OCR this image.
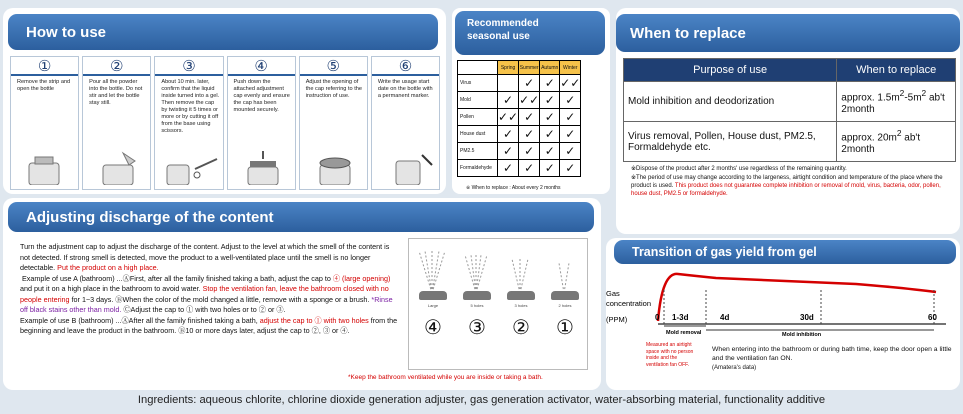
How to use
①
Remove the strip and open the bottle
②
Pour all the powder into the bottle. Do not stir and let the bottle stay still.
③
About 10 min. later, confirm that the liquid inside turned into a gel. Then remove the cap by twisting it 5 times or more or by cutting it off from the base using scissors.
④
Push down the attached adjustment cap evenly and ensure the cap has been mounted securely.
⑤
Adjust the opening of the cap referring to the instruction of use.
⑥
Write the usage start date on the bottle with a permanent marker.
Recommended
seasonal use
	Spring	Summer	Autumn	Winter
Virus		✓	✓	✓✓
Mold	✓	✓✓	✓	✓
Pollen	✓✓	✓	✓	✓
House dust	✓	✓	✓	✓
PM2.5	✓	✓	✓	✓
Formaldehyde	✓	✓	✓	✓
※ When to replace : About every 2 months
When to replace
Purpose of use	When to replace
Mold inhibition and deodorization	approx. $1.5m^2-5m^2$ ab't 2month
Virus removal, Pollen, House dust, PM2.5, Formaldehyde etc.	approx. $20m^2$ ab't 2month
※Dispose of the product after 2 months' use regardless of the remaining quantity.
※The period of use may change according to the largeness, airtight condition and temperature of the place where the product is used. This product does not guarantee complete inhibition or removal of mold, virus, bacteria, odor, pollen, house dust, PM2.5 or formaldehyde.
Adjusting discharge of the content
Turn the adjustment cap to adjust the discharge of the content. Adjust to the level at which the smell of the content is not detected. If strong smell is detected, move the product to a well-ventilated place until the smell is no longer detectable. Put the product on a high place.
Example of use A (bathroom) ...ⒶFirst, after all the family finished taking a bath, adjust the cap to ④ (large opening) and put it on a high place in the bathroom to avoid water. Stop the ventilation fan, leave the bathroom closed with no people entering for 1~3 days. ⒷWhen the color of the mold changed a little, remove with a sponge or a brush. *Rinse off black stains other than mold. ⒸAdjust the cap to ① with two holes or to ② or ③.
Example of use B (bathroom) ...ⒶAfter all the family finished taking a bath, adjust the cap to ① with two holes from the beginning and leave the product in the bathroom. Ⓑ10 or more days later, adjust the cap to ②, ③ or ④.
*Keep the bathroom ventilated while you are inside or taking a bath.
Large	5 holes	3 holes	2 holes
④	③	②	①
Transition of gas yield from gel
Gas
concentration
(PPM)	0 1-3d	4d	30d	60
Mold removal	Mold inhibition
Measured an airtight space with no person inside and the ventilation fan OFF.
When entering into the bathroom or during bath time, keep the door open a little and the ventilation fan ON.
(Amatera's data)
Ingredients: aqueous chlorite, chlorine dioxide generation adjuster, gas generation activator, water-absorbing material, functionality additive
